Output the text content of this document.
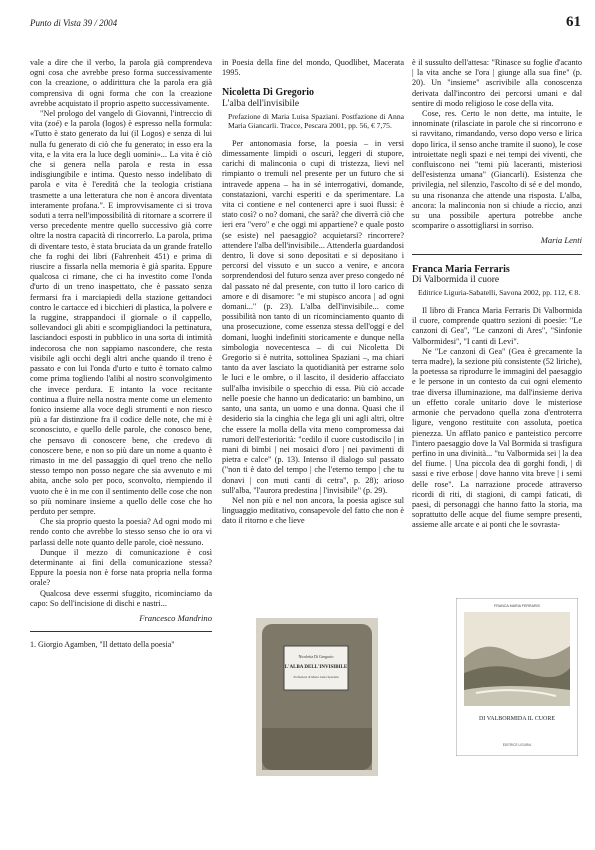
Punto di Vista 39 / 2004	61

vale a dire che il verbo, la parola già comprendeva ogni cosa che avrebbe preso forma successivamente con la creazione, o addirittura che la parola era già comprensiva di ogni forma che con la creazione avrebbe acquistato il proprio aspetto successivamente.

"Nel prologo del vangelo di Giovanni, l'intreccio di vita (zoé) e la parola (logos) è espresso nella formula: «Tutto è stato generato da lui (il Logos) e senza di lui nulla fu generato di ciò che fu generato; in esso era la vita, e la vita era la luce degli uomini»... La vita è ciò che si genera nella parola e resta in essa indisgiungibile e intima. Questo nesso indelibato di parola e vita è l'eredità che la teologia cristiana trasmette a una letteratura che non è ancora diventata interamente profana.". E improvvisamente ci si trova soduti a terra nell'impossibilità di ritornare a scorrere il verso precedente mentre quello successivo già corre oltre la nostra capacità di rincorrerlo. La parola, prima di diventare testo, è stata bruciata da un grande fratello che fa roghi dei libri (Fahrenheit 451) e prima di riuscire a fissarla nella memoria è già sparita. Eppure qualcosa ci rimane, che ci ha investito come l'onda d'urto di un treno inaspettato, che è passato senza fermarsi fra i marciapiedi della stazione gettandoci contro le cartacce ed i bicchieri di plastica, la polvere e la ruggine, strappandoci il giornale o il cappello, sollevandoci gli abiti e scompigliandoci la pettinatura, lasciandoci esposti in pubblico in una sorta di intimità indecorosa che non sappiamo nascondere, che resta visibile agli occhi degli altri anche quando il treno è passato e con lui l'onda d'urto e tutto è tornato calmo come prima togliendo l'alibi al nostro sconvolgimento che invece perdura. E intanto la voce recitante continua a fluire nella nostra mente come un elemento fonico insieme alla voce degli strumenti e non riesco più a far distinzione fra il codice delle note, che mi è sconosciuto, e quello delle parole, che conosco bene, che pensavo di conoscere bene, che credevo di conoscere bene, e non so più dare un nome a quanto è rimasto in me del passaggio di quel treno che nello stesso tempo non posso negare che sia avvenuto e mi abita, anche solo per poco, sconvolto, riempiendo il vuoto che è in me con il sentimento delle cose che non so più nominare insieme a quello delle cose che ho perduto per sempre.

Che sia proprio questo la poesia? Ad ogni modo mi rendo conto che avrebbe lo stesso senso che io ora vi parlassi delle note quanto delle parole, cioè nessuno.

Dunque il mezzo di comunicazione è così determinante ai fini della comunicazione stessa? Eppure la poesia non è forse nata propria nella forma orale?

Qualcosa deve essermi sfuggito, ricominciamo da capo: So dell'incisione di dischi e nastri...

Francesco Mandrino
1. Giorgio Agamben, "Il dettato della poesia"

in Poesia della fine del mondo, Quodlibet, Macerata 1995.

Nicoletta Di Gregorio
L'alba dell'invisibile
Prefazione di Maria Luisa Spaziani. Postfazione di Anna Maria Giancarli. Tracce, Pescara 2001, pp. 56, € 7,75.

Per antonomasia forse, la poesia – in versi dimessamente limpidi o oscuri, leggeri di stupore, carichi di malinconia o cupi di tristezza, lievi nel rimpianto o tremuli nel presente per un futuro che si intravede appena – ha in sé interrogativi, domande, constatazioni, varchi esperiti e da sperimentare. La vita ci contiene e nel contenerci apre i suoi flussi: è stato così? o no? domani, che sarà? che diverrà ciò che ieri era "vero" e che oggi mi appartiene? e quale posto (se esiste) nel paesaggio? acquietarsi? rincorrere? attendere l'alba dell'invisibile... Attenderla guardandosi dentro, lì dove si sono depositati e si depositano i percorsi del vissuto e un succo a venire, e ancora sorprendendosi del futuro senza aver preso congedo né dal passato né dal presente, con tutto il loro carico di amore e di disamore: "e mi stupisco ancora | ad ogni domani..." (p. 23). L'alba dell'invisibile... come possibilità non tanto di un ricominciamento quanto di una prosecuzione, come essenza stessa dell'oggi e del domani, luoghi indefiniti storicamente e dunque nella simbologia novecentesca – di cui Nicoletta Di Gregorio si è nutrita, sottolinea Spaziani –, ma chiari tanto da aver lasciato la quotidianità per estrarne solo le luci e le ombre, o il lascito, il desiderio affacciato sull'alba invisibile o specchio di essa. Più ciò accade nelle poesie che hanno un dedicatario: un bambino, un santo, una santa, un uomo e una donna. Quasi che il desiderio sia la cinghia che lega gli uni agli altri, oltre che essere la molla della vita meno compromessa dai rumori dell'esteriorità: "cedilo il cuore custodiscilo | in mani di bimbi | nei mosaici d'oro | nei pavimenti di pietra e calce" (p. 13). Intenso il dialogo sul passato ("non ti è dato del tempo | che l'eterno tempo | che tu donavi | con muti canti di cetra", p. 28); arioso sull'alba, "l'aurora predestina | l'invisibile" (p. 29).

Nel non più e nel non ancora, la poesia agisce sul linguaggio meditativo, consapevole del fatto che non è dato il ritorno e che lieve

è il sussulto dell'attesa: "Rinasce su foglie d'acanto | la vita anche se l'ora | giunge alla sua fine" (p. 20). Un "insieme" ascrivibile alla conoscenza derivata dall'incontro dei percorsi umani e dal sentire di modo religioso le cose della vita.

Cose, res. Certo le non dette, ma intuite, le innominate (rilasciate in parole che si rincorrono e si ravvitano, rimandando, verso dopo verso e lirica dopo lirica, il senso anche tramite il suono), le cose introiettate negli spazi e nei tempi dei viventi, che confluiscono nei "temi più laceranti, misteriosi dell'esistenza umana" (Giancarli). Esistenza che privilegia, nel silenzio, l'ascolto di sé e del mondo, su una risonanza che attende una risposta. L'alba, ancora: la malinconia non si chiude a riccio, anzi su una possibile apertura potrebbe anche scomparire o assottigliarsi in sorriso.

Maria Lenti
Franca Maria Ferraris
Di Valbormida il cuore
Editrice Liguria-Sabatelli, Savona 2002, pp. 112, € 8.

Il libro di Franca Maria Ferraris Di Valbormida il cuore, comprende quattro sezioni di poesie: "Le canzoni di Gea", "Le canzoni di Ares", "Sinfonie Valbormidesi", "I canti di Levi".

Ne "Le canzoni di Gea" (Gea è grecamente la terra madre), la sezione più consistente (52 liriche), la poetessa sa riprodurre le immagini del paesaggio e le persone in un contesto da cui ogni elemento trae diversa illuminazione, ma dall'insieme deriva un effetto corale unitario dove le misteriose armonie che pervadono quella zona d'entroterra ligure, vengono restituite con assoluta, poetica pienezza. Un afflato panico e panteistico percorre l'intero paesaggio dove la Val Bormida si trasfigura perfino in una divinità... "tu Valbormida sei | la dea del fiume. | Una piccola dea di gorghi fondi, | di sassi e rive erbose | dove hanno vita breve | i semi delle rose". La narrazione procede attraverso ricordi di riti, di stagioni, di campi faticati, di paesi, di personaggi che hanno fatto la storia, ma soprattutto delle acque del fiume sempre presenti, assieme alle arcate e ai ponti che le sovrasta-

Nicoletta Di Gregorio
L'ALBA DELL'INVISIBILE
Prefazione di Maria Luisa Spaziani
FRANCA MARIA FERRARIS
DI VALBORMIDA IL CUORE
EDITRICE LIGURIA
